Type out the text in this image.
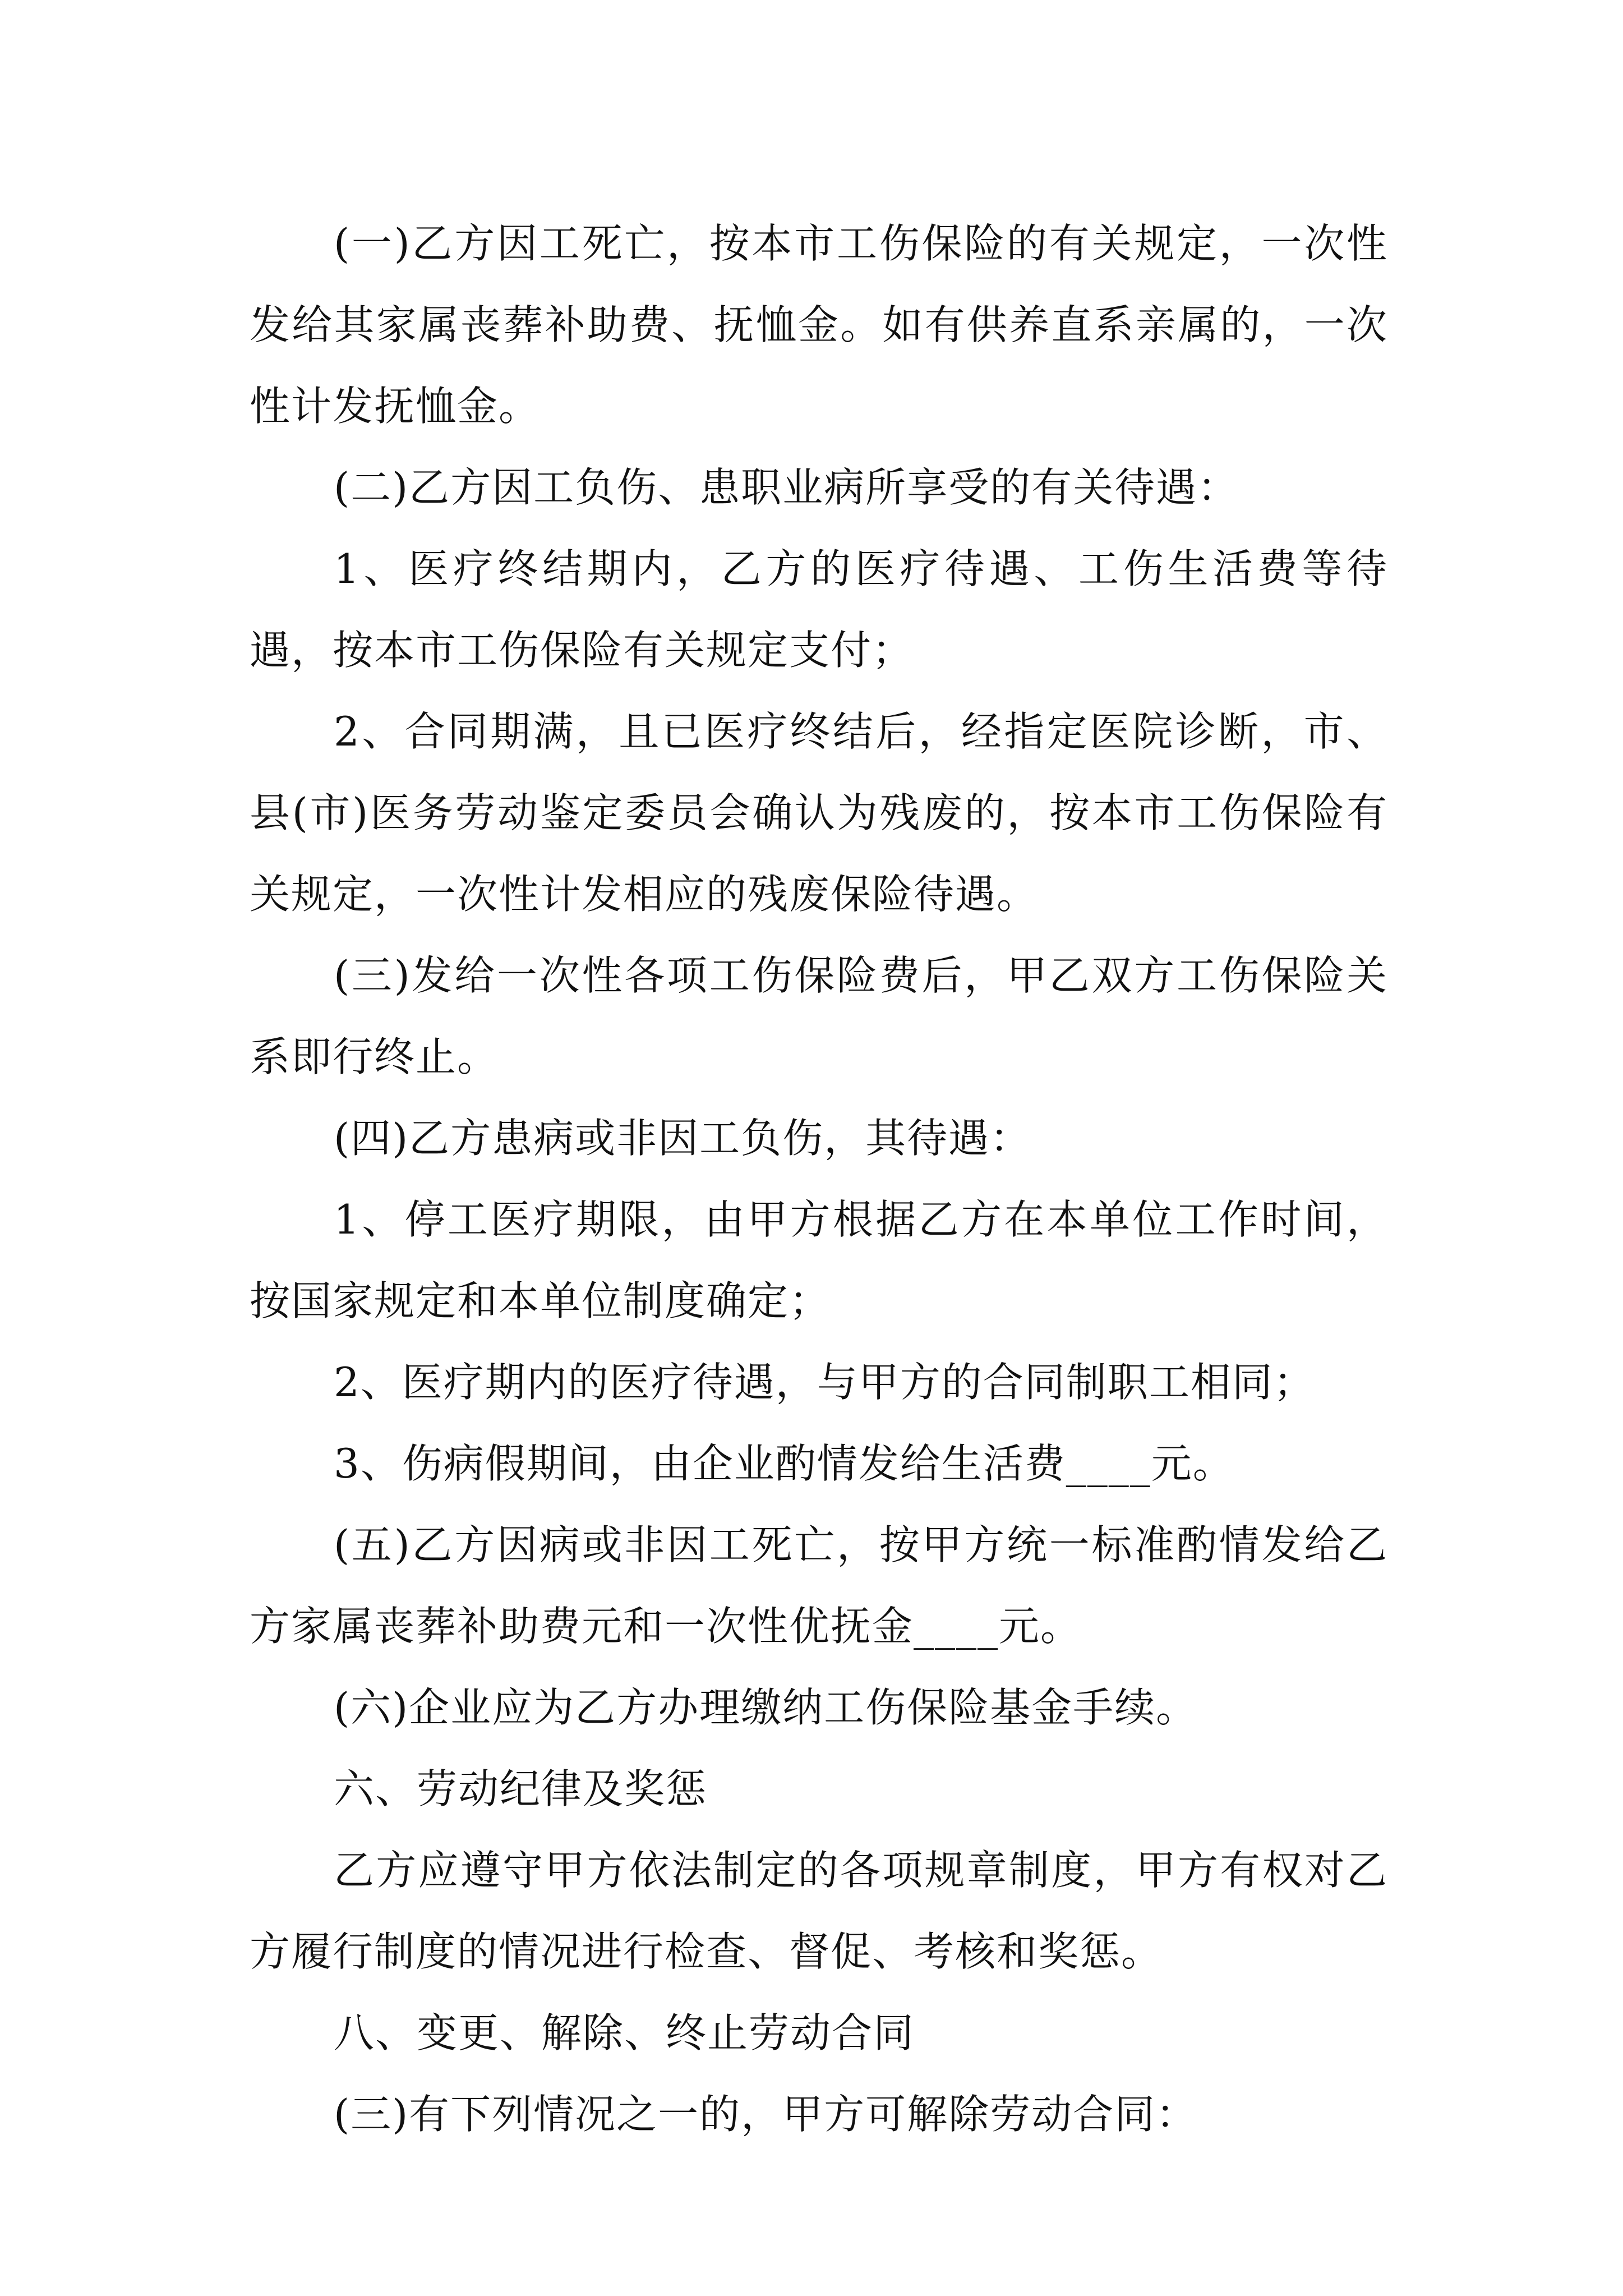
(一)乙方因工死亡，按本市工伤保险的有关规定，一次性发给其家属丧葬补助费、抚恤金。如有供养直系亲属的，一次性计发抚恤金。

(二)乙方因工负伤、患职业病所享受的有关待遇：

1、医疗终结期内，乙方的医疗待遇、工伤生活费等待遇，按本市工伤保险有关规定支付；

2、合同期满，且已医疗终结后，经指定医院诊断，市、县(市)医务劳动鉴定委员会确认为残废的，按本市工伤保险有关规定，一次性计发相应的残废保险待遇。

(三)发给一次性各项工伤保险费后，甲乙双方工伤保险关系即行终止。

(四)乙方患病或非因工负伤，其待遇：

1、停工医疗期限，由甲方根据乙方在本单位工作时间，按国家规定和本单位制度确定；

2、医疗期内的医疗待遇，与甲方的合同制职工相同；

3、伤病假期间，由企业酌情发给生活费____元。

(五)乙方因病或非因工死亡，按甲方统一标准酌情发给乙方家属丧葬补助费元和一次性优抚金____元。

(六)企业应为乙方办理缴纳工伤保险基金手续。

六、劳动纪律及奖惩

乙方应遵守甲方依法制定的各项规章制度，甲方有权对乙方履行制度的情况进行检查、督促、考核和奖惩。

八、变更、解除、终止劳动合同

(三)有下列情况之一的，甲方可解除劳动合同：
